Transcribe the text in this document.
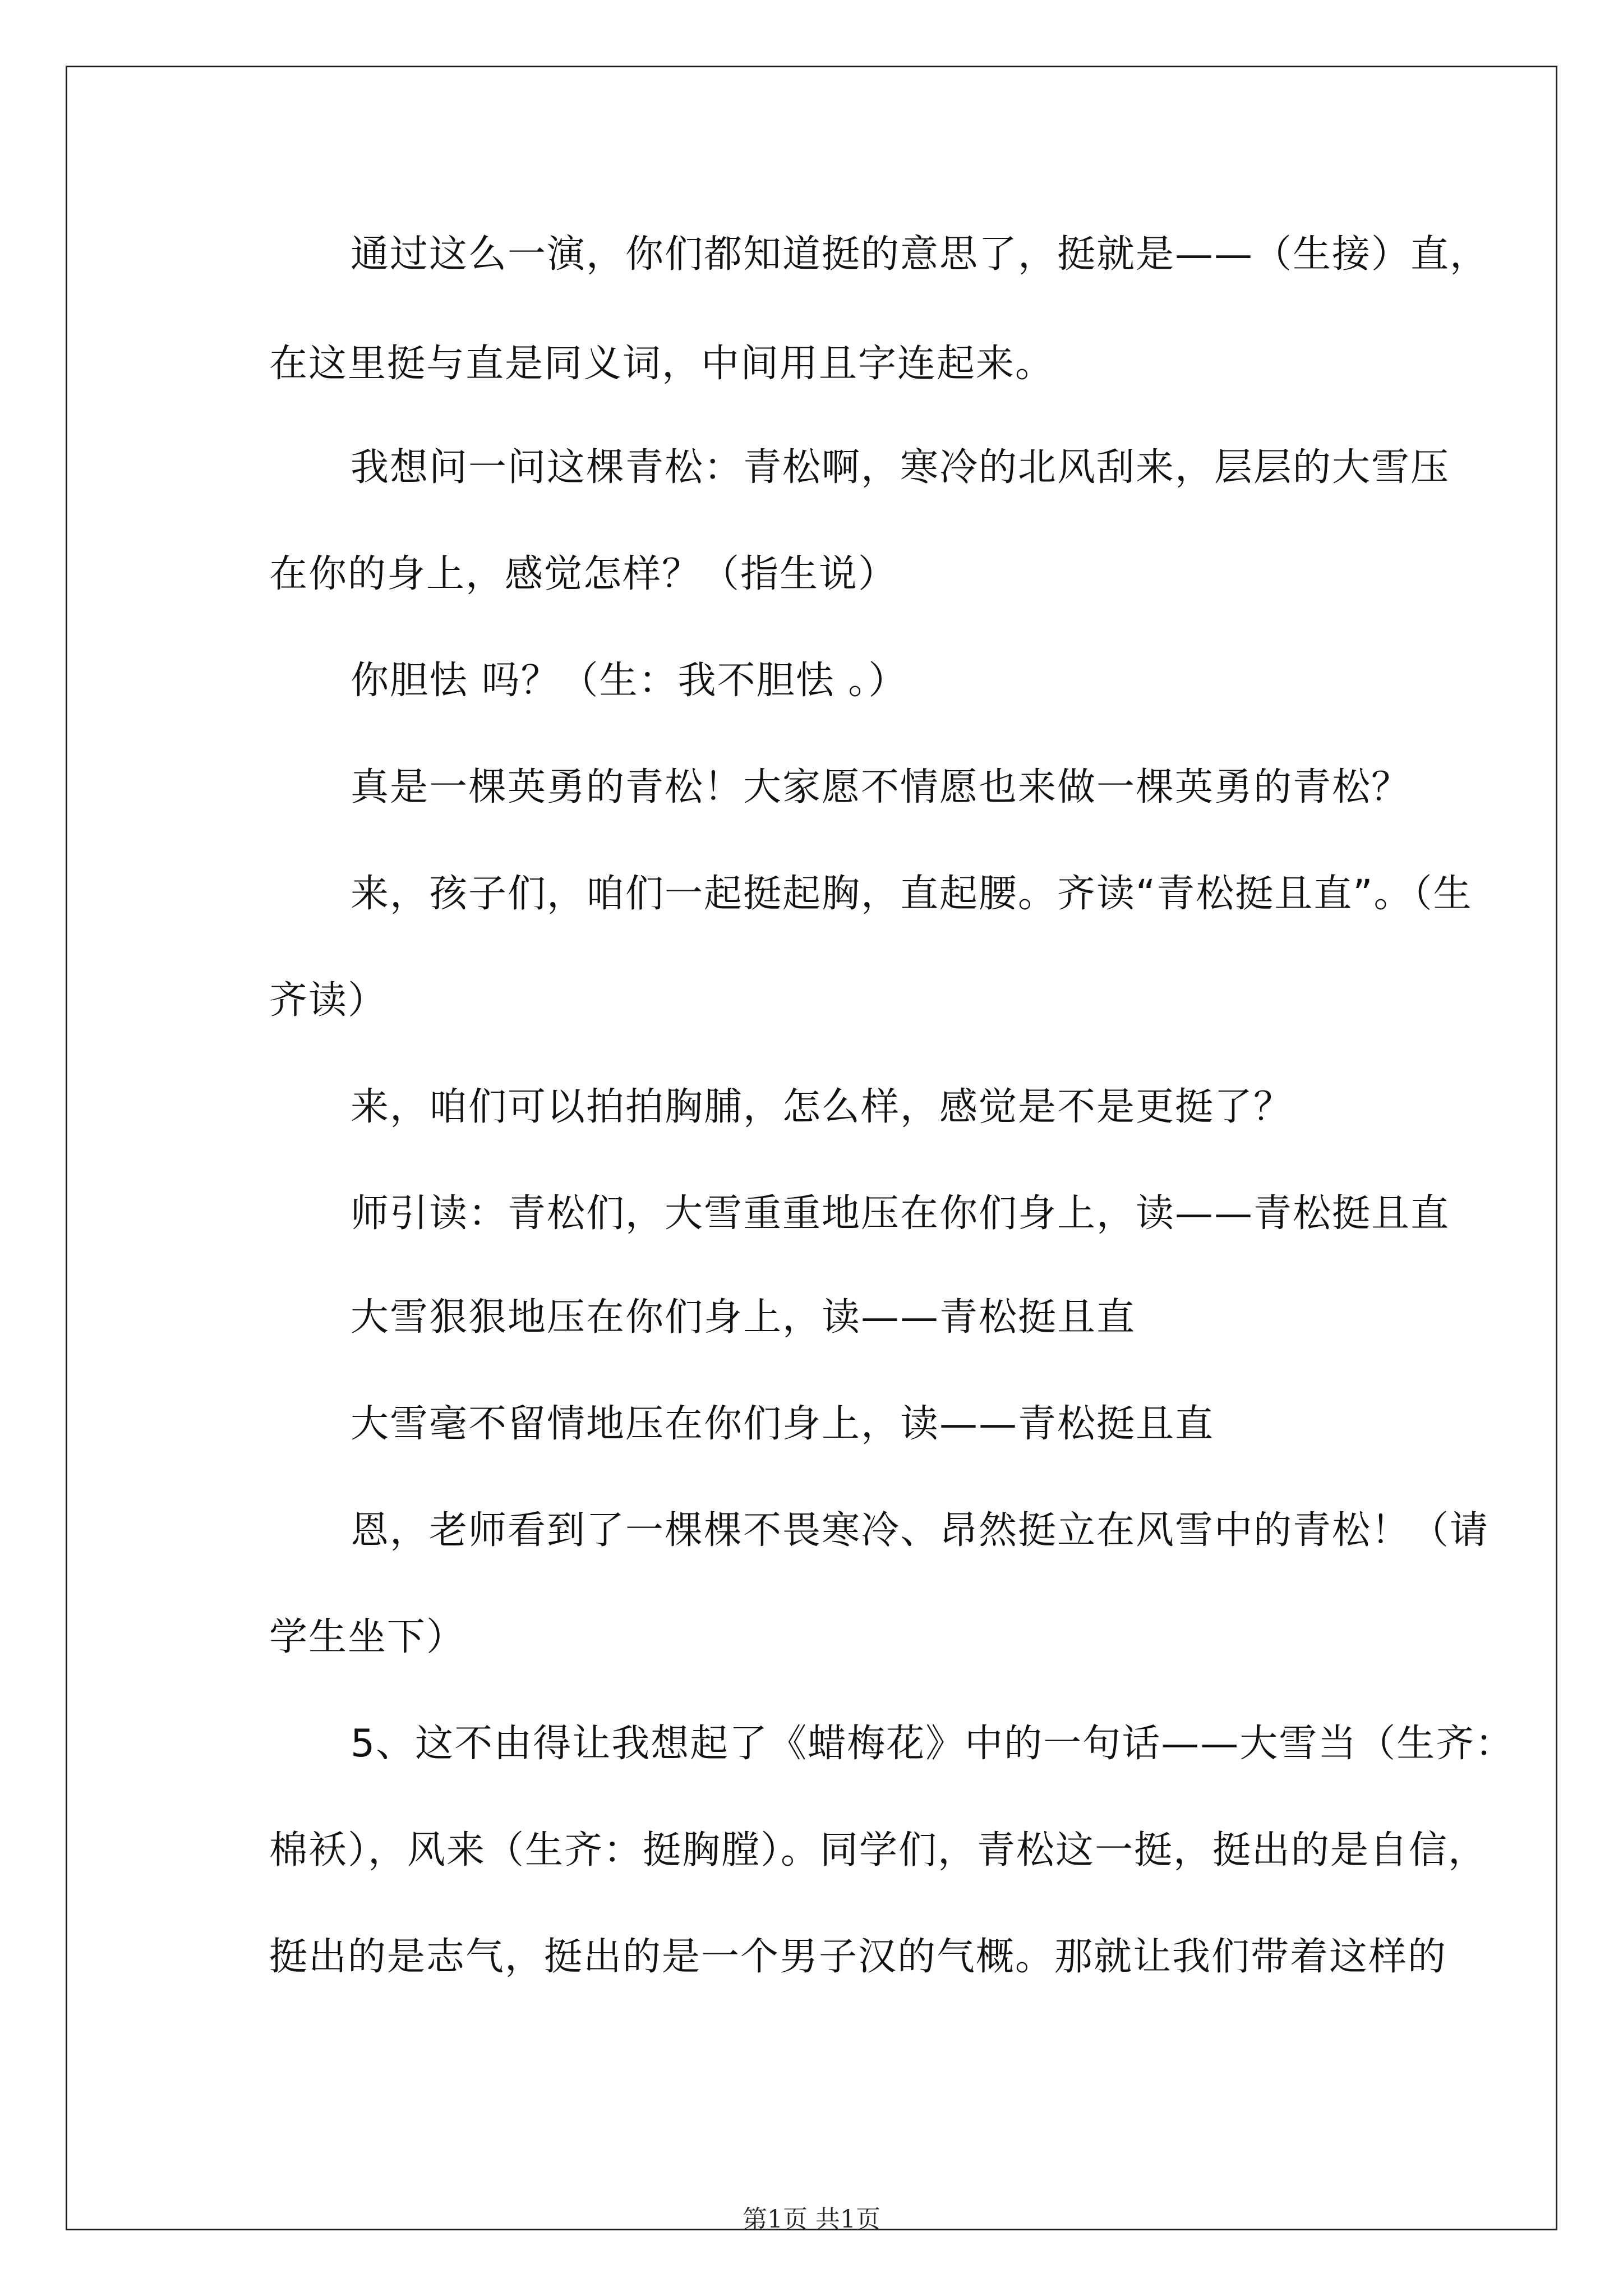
通过这么一演，你们都知道挺的意思了，挺就是——（生接）直，
在这里挺与直是同义词，中间用且字连起来。
我想问一问这棵青松：青松啊，寒冷的北风刮来，层层的大雪压
在你的身上，感觉怎样？（指生说）
你胆怯 吗？（生：我不胆怯 。）
真是一棵英勇的青松！大家愿不情愿也来做一棵英勇的青松？
来，孩子们，咱们一起挺起胸，直起腰。齐读“青松挺且直”。（生
齐读）
来，咱们可以拍拍胸脯，怎么样，感觉是不是更挺了？
师引读：青松们，大雪重重地压在你们身上，读——青松挺且直
大雪狠狠地压在你们身上，读——青松挺且直
大雪毫不留情地压在你们身上，读——青松挺且直
恩，老师看到了一棵棵不畏寒冷、昂然挺立在风雪中的青松！（请
学生坐下）
5、这不由得让我想起了《蜡梅花》中的一句话——大雪当（生齐：
棉袄），风来（生齐：挺胸膛）。同学们，青松这一挺，挺出的是自信，
挺出的是志气，挺出的是一个男子汉的气概。那就让我们带着这样的
第1页 共1页
